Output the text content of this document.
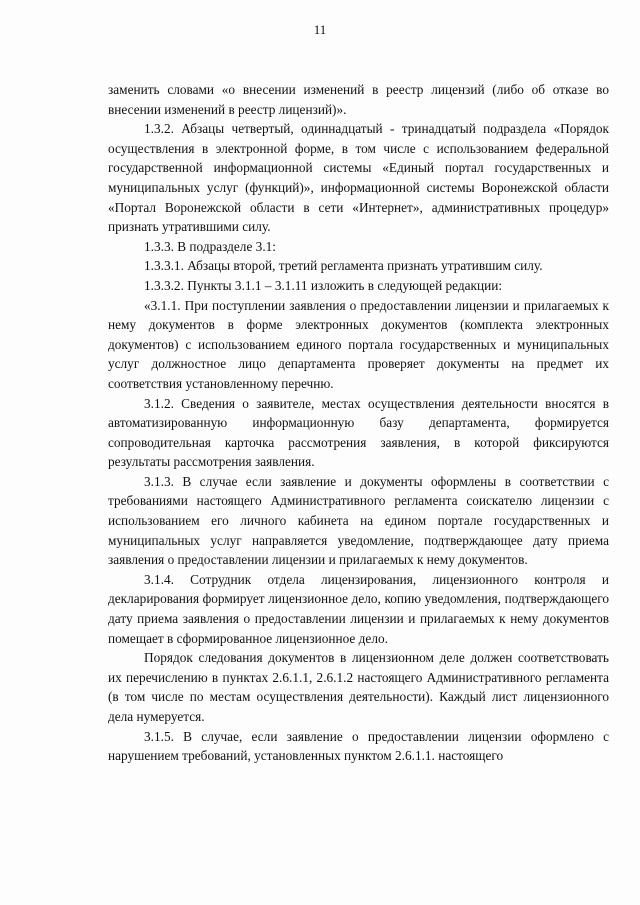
11

заменить словами «о внесении изменений в реестр лицензий (либо об отказе во внесении изменений в реестр лицензий)».

1.3.2. Абзацы четвертый, одиннадцатый - тринадцатый подраздела «Порядок осуществления в электронной форме, в том числе с использованием федеральной государственной информационной системы «Единый портал государственных и муниципальных услуг (функций)», информационной системы Воронежской области «Портал Воронежской области в сети «Интернет», административных процедур» признать утратившими силу.

1.3.3. В подразделе 3.1:

1.3.3.1. Абзацы второй, третий регламента признать утратившим силу.

1.3.3.2. Пункты 3.1.1 – 3.1.11 изложить в следующей редакции:

«3.1.1. При поступлении заявления о предоставлении лицензии и прилагаемых к нему документов в форме электронных документов (комплекта электронных документов) с использованием единого портала государственных и муниципальных услуг должностное лицо департамента проверяет документы на предмет их соответствия установленному перечню.

3.1.2. Сведения о заявителе, местах осуществления деятельности вносятся в автоматизированную информационную базу департамента, формируется сопроводительная карточка рассмотрения заявления, в которой фиксируются результаты рассмотрения заявления.

3.1.3. В случае если заявление и документы оформлены в соответствии с требованиями настоящего Административного регламента соискателю лицензии с использованием его личного кабинета на едином портале государственных и муниципальных услуг направляется уведомление, подтверждающее дату приема заявления о предоставлении лицензии и прилагаемых к нему документов.

3.1.4. Сотрудник отдела лицензирования, лицензионного контроля и декларирования формирует лицензионное дело, копию уведомления, подтверждающего дату приема заявления о предоставлении лицензии и прилагаемых к нему документов помещает в сформированное лицензионное дело.

Порядок следования документов в лицензионном деле должен соответствовать их перечислению в пунктах 2.6.1.1, 2.6.1.2 настоящего Административного регламента (в том числе по местам осуществления деятельности). Каждый лист лицензионного дела нумеруется.

3.1.5. В случае, если заявление о предоставлении лицензии оформлено с нарушением требований, установленных пунктом 2.6.1.1. настоящего
